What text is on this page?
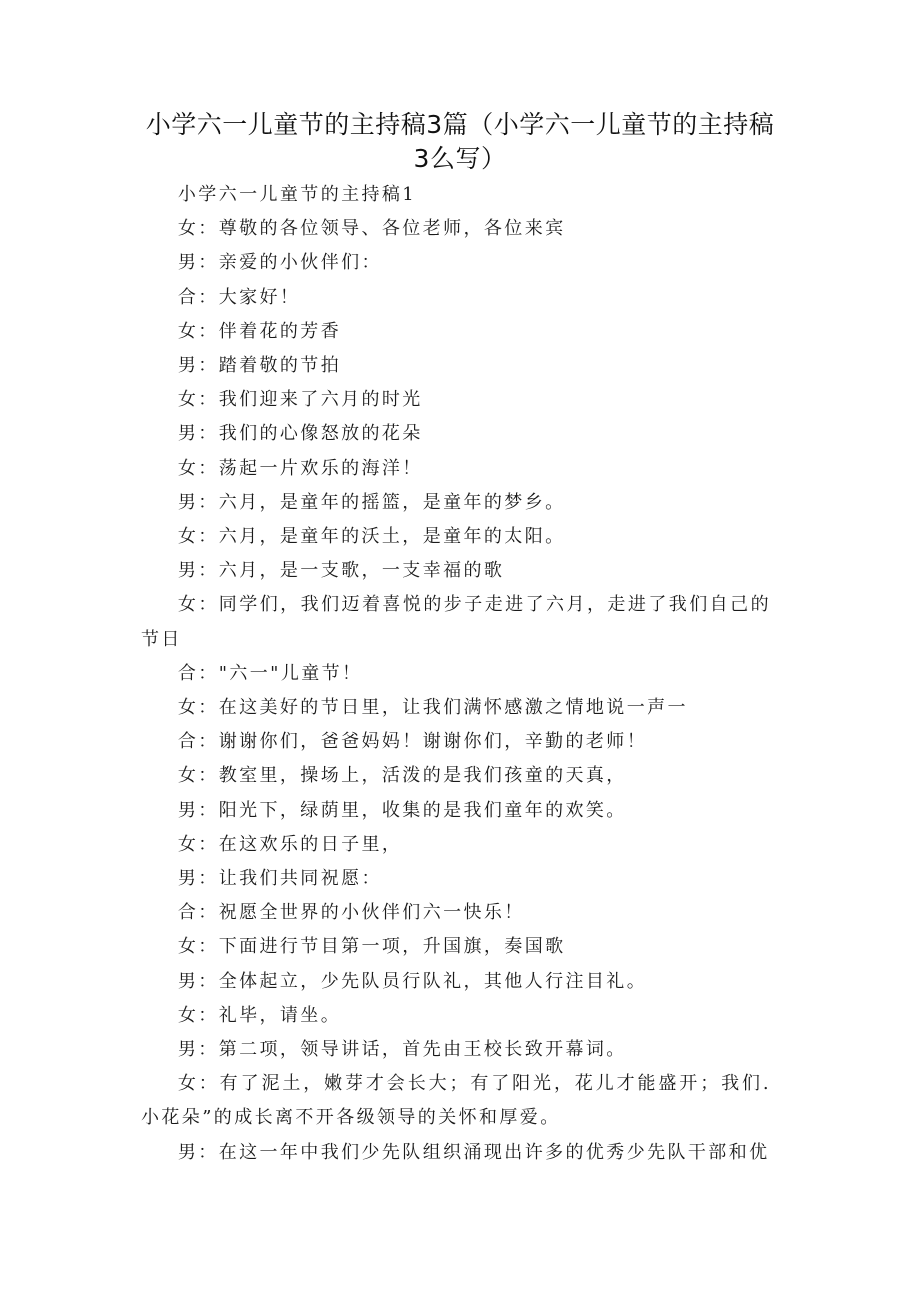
小学六一儿童节的主持稿3篇（小学六一儿童节的主持稿3么写）

小学六一儿童节的主持稿1

女：尊敬的各位领导、各位老师，各位来宾

男：亲爱的小伙伴们：

合：大家好！

女：伴着花的芳香

男：踏着敬的节拍

女：我们迎来了六月的时光

男：我们的心像怒放的花朵

女：荡起一片欢乐的海洋！

男：六月，是童年的摇篮，是童年的梦乡。

女：六月，是童年的沃土，是童年的太阳。

男：六月，是一支歌，一支幸福的歌

女：同学们，我们迈着喜悦的步子走进了六月，走进了我们自己的节日

合："六一"儿童节！

女：在这美好的节日里，让我们满怀感激之情地说一声一

合：谢谢你们，爸爸妈妈！谢谢你们，辛勤的老师！

女：教室里，操场上，活泼的是我们孩童的天真，

男：阳光下，绿荫里，收集的是我们童年的欢笑。

女：在这欢乐的日子里，

男：让我们共同祝愿：

合：祝愿全世界的小伙伴们六一快乐！

女：下面进行节目第一项，升国旗，奏国歌

男：全体起立，少先队员行队礼，其他人行注目礼。

女：礼毕，请坐。

男：第二项，领导讲话，首先由王校长致开幕词。

女：有了泥土，嫩芽才会长大；有了阳光，花儿才能盛开；我们.小花朵”的成长离不开各级领导的关怀和厚爱。

男：在这一年中我们少先队组织涌现出许多的优秀少先队干部和优
